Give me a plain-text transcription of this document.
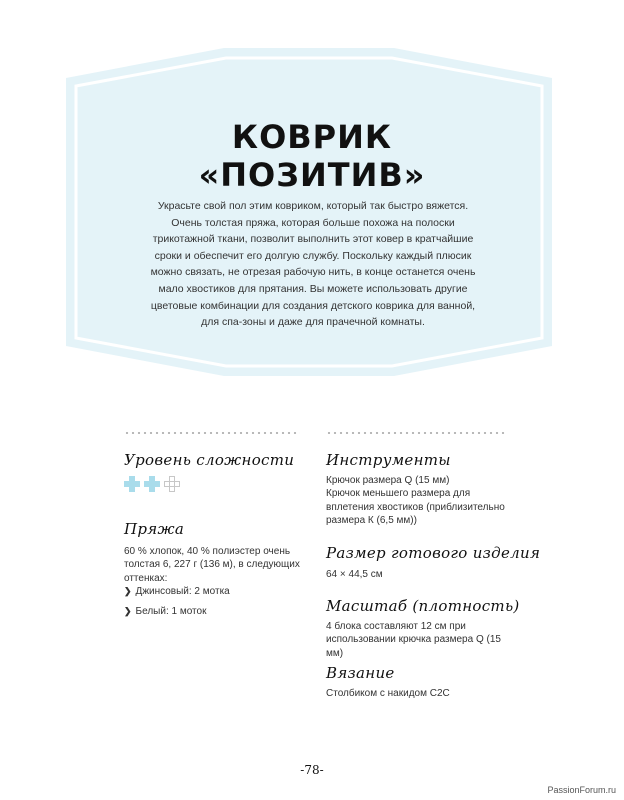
КОВРИК
«ПОЗИТИВ»
Украсьте свой пол этим ковриком, который так быстро вяжется. Очень толстая пряжа, которая больше похожа на полоски трикотажной ткани, позволит выполнить этот ковер в кратчайшие сроки и обеспечит его долгую службу. Поскольку каждый плюсик можно связать, не отрезая рабочую нить, в конце останется очень мало хвостиков для прятания. Вы можете использовать другие цветовые комбинации для создания детского коврика для ванной, для спа-зоны и даже для прачечной комнаты.
Уровень сложности
Пряжа
60 % хлопок, 40 % полиэстер очень толстая 6, 227 г (136 м), в следующих оттенках:
❯ Джинсовый: 2 мотка
❯ Белый: 1 моток
Инструменты
Крючок размера Q (15 мм)
Крючок меньшего размера для вплетения хвостиков (приблизительно размера К (6,5 мм))
Размер готового изделия
64 × 44,5 см
Масштаб (плотность)
4 блока составляют 12 см при использовании крючка размера Q (15 мм)
Вязание
Столбиком с накидом С2С
-78-
PassionForum.ru
